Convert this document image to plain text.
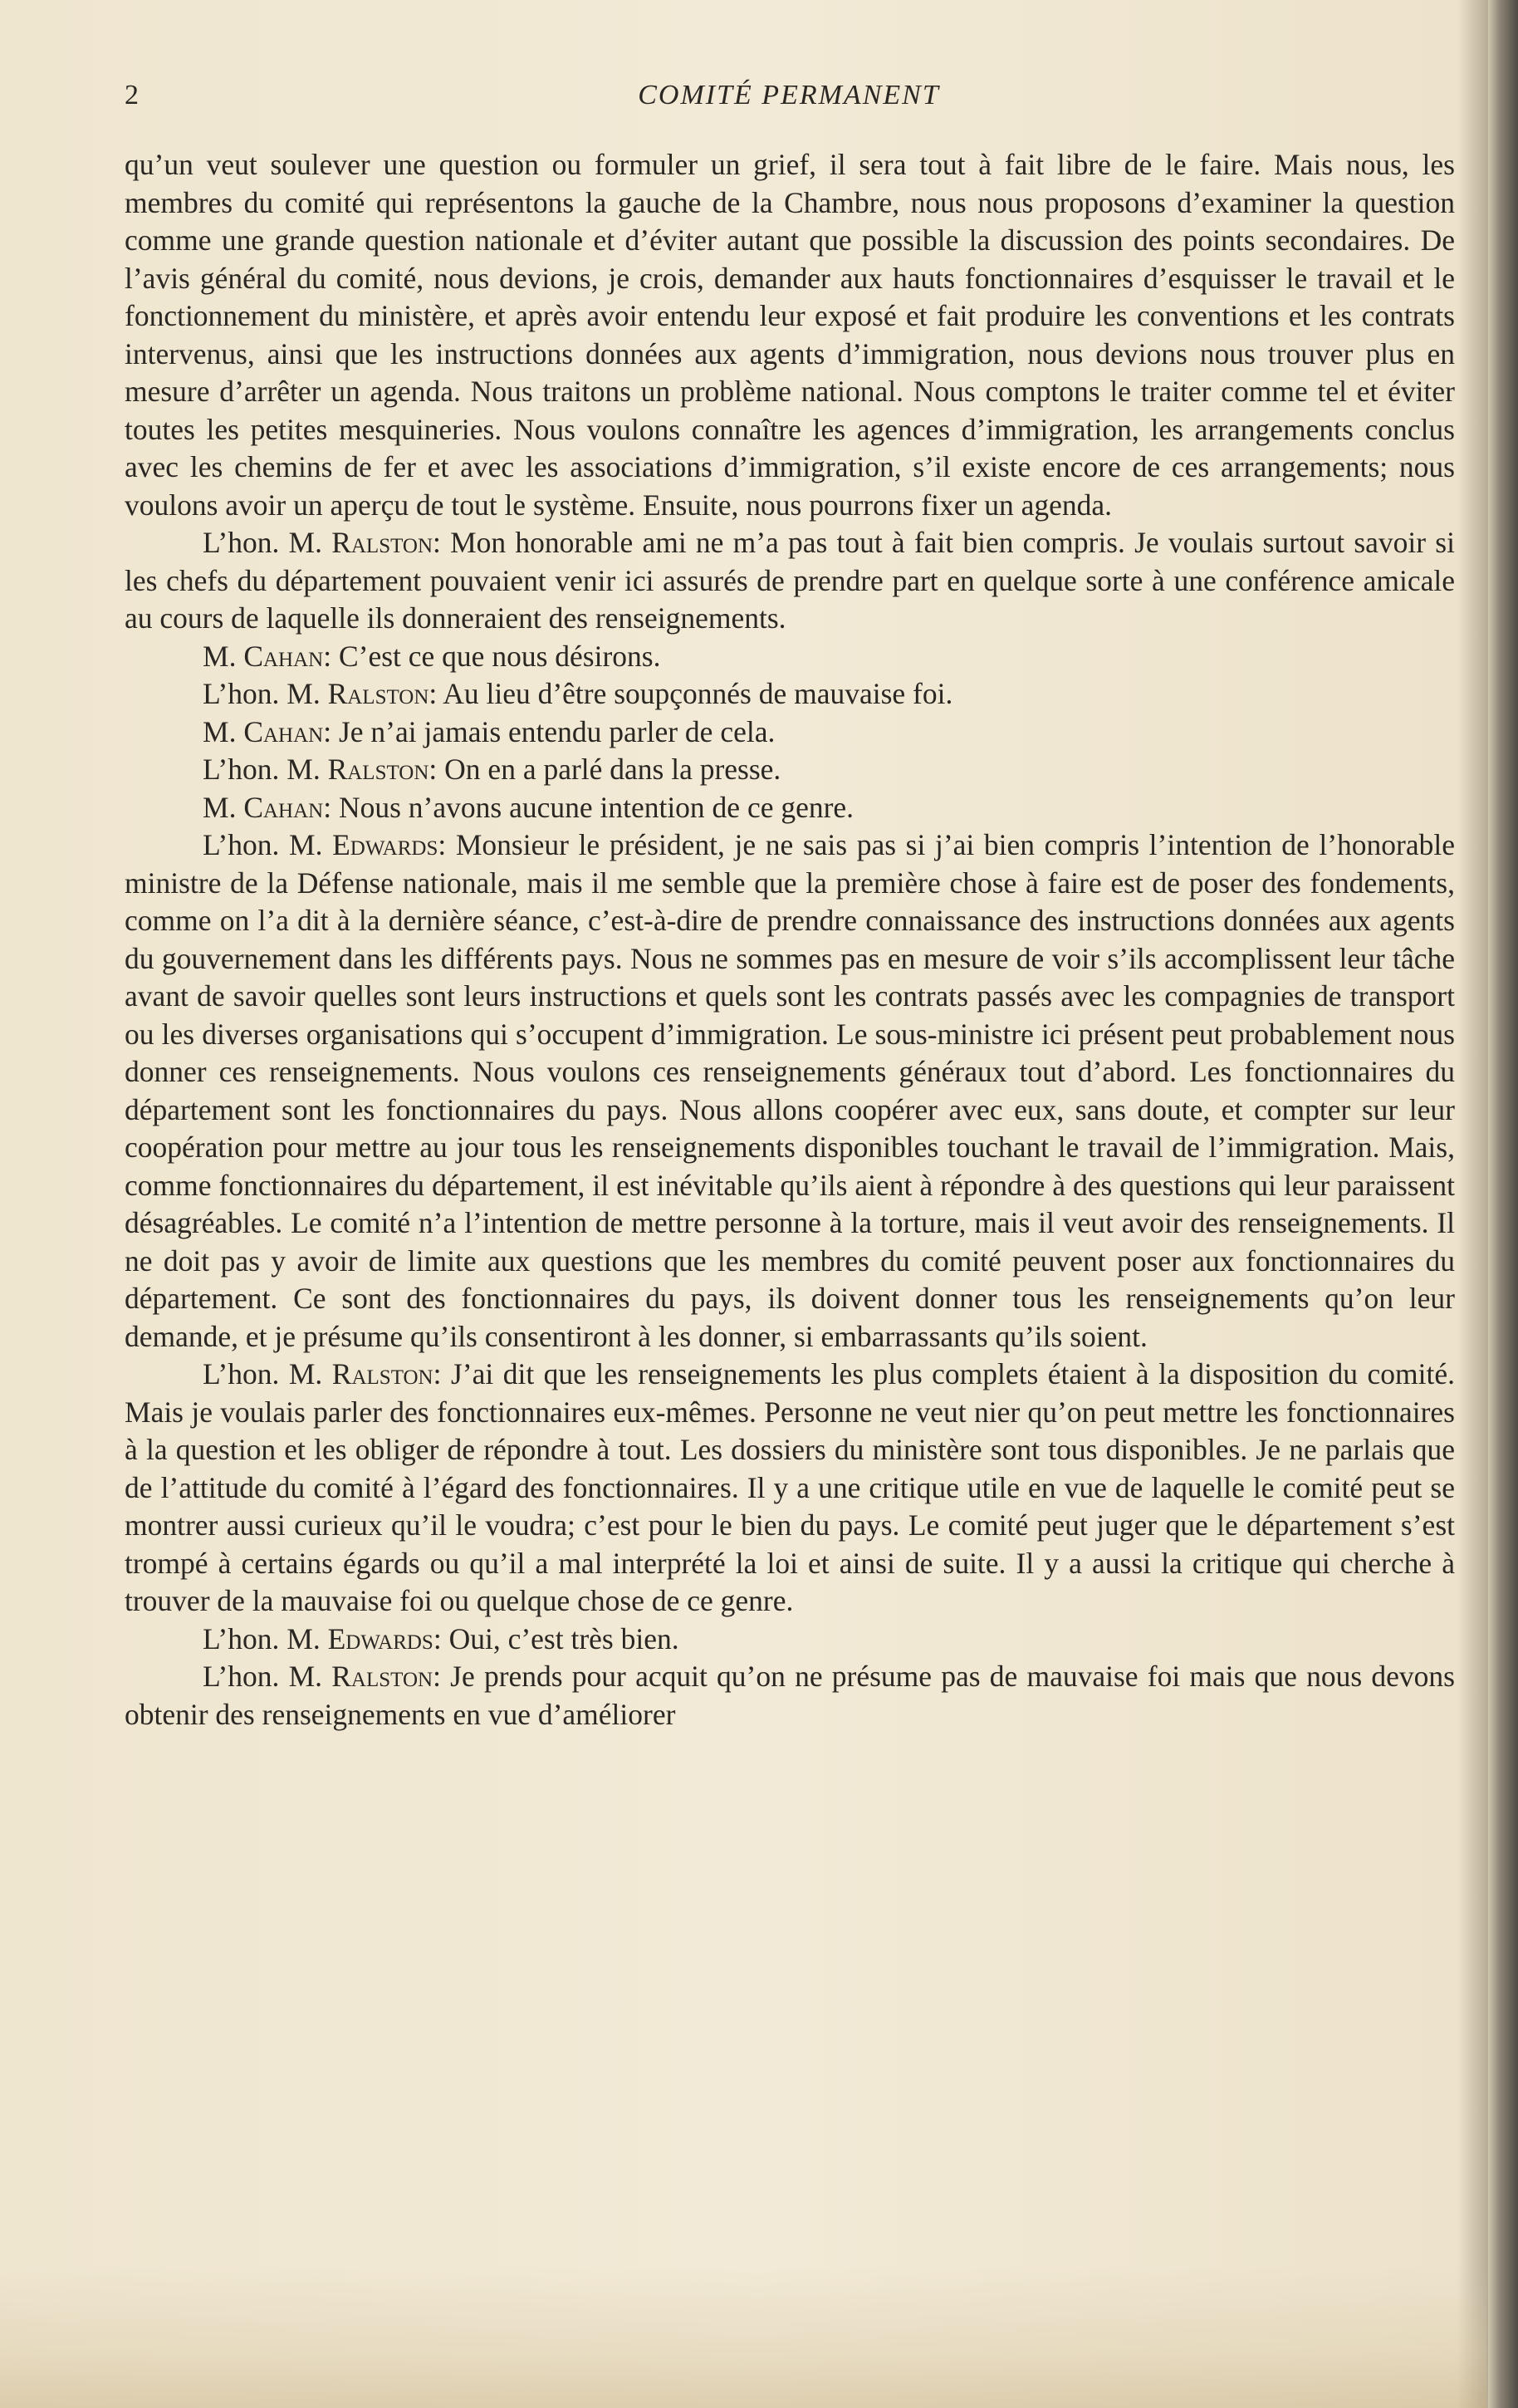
2	COMITÉ PERMANENT

qu’un veut soulever une question ou formuler un grief, il sera tout à fait libre de le faire. Mais nous, les membres du comité qui représentons la gauche de la Chambre, nous nous proposons d’examiner la question comme une grande question nationale et d’éviter autant que possible la discussion des points secondaires. De l’avis général du comité, nous devions, je crois, demander aux hauts fonctionnaires d’esquisser le travail et le fonctionnement du ministère, et après avoir entendu leur exposé et fait produire les conventions et les contrats intervenus, ainsi que les instructions données aux agents d’immigration, nous devions nous trouver plus en mesure d’arrêter un agenda. Nous traitons un problème national. Nous comptons le traiter comme tel et éviter toutes les petites mesquineries. Nous voulons connaître les agences d’immigration, les arrangements conclus avec les chemins de fer et avec les associations d’immigration, s’il existe encore de ces arrangements; nous voulons avoir un aperçu de tout le système. Ensuite, nous pourrons fixer un agenda.

L’hon. M. Ralston: Mon honorable ami ne m’a pas tout à fait bien compris. Je voulais surtout savoir si les chefs du département pouvaient venir ici assurés de prendre part en quelque sorte à une conférence amicale au cours de laquelle ils donneraient des renseignements.

M. Cahan: C’est ce que nous désirons.

L’hon. M. Ralston: Au lieu d’être soupçonnés de mauvaise foi.

M. Cahan: Je n’ai jamais entendu parler de cela.

L’hon. M. Ralston: On en a parlé dans la presse.

M. Cahan: Nous n’avons aucune intention de ce genre.

L’hon. M. Edwards: Monsieur le président, je ne sais pas si j’ai bien compris l’intention de l’honorable ministre de la Défense nationale, mais il me semble que la première chose à faire est de poser des fondements, comme on l’a dit à la dernière séance, c’est-à-dire de prendre connaissance des instructions données aux agents du gouvernement dans les différents pays. Nous ne sommes pas en mesure de voir s’ils accomplissent leur tâche avant de savoir quelles sont leurs instructions et quels sont les contrats passés avec les compagnies de transport ou les diverses organisations qui s’occupent d’immigration. Le sous-ministre ici présent peut probablement nous donner ces renseignements. Nous voulons ces renseignements généraux tout d’abord. Les fonctionnaires du département sont les fonctionnaires du pays. Nous allons coopérer avec eux, sans doute, et compter sur leur coopération pour mettre au jour tous les renseignements disponibles touchant le travail de l’immigration. Mais, comme fonctionnaires du département, il est inévitable qu’ils aient à répondre à des questions qui leur paraissent désagréables. Le comité n’a l’intention de mettre personne à la torture, mais il veut avoir des renseignements. Il ne doit pas y avoir de limite aux questions que les membres du comité peuvent poser aux fonctionnaires du département. Ce sont des fonctionnaires du pays, ils doivent donner tous les renseignements qu’on leur demande, et je présume qu’ils consentiront à les donner, si embarrassants qu’ils soient.

L’hon. M. Ralston: J’ai dit que les renseignements les plus complets étaient à la disposition du comité. Mais je voulais parler des fonctionnaires eux-mêmes. Personne ne veut nier qu’on peut mettre les fonctionnaires à la question et les obliger de répondre à tout. Les dossiers du ministère sont tous disponibles. Je ne parlais que de l’attitude du comité à l’égard des fonctionnaires. Il y a une critique utile en vue de laquelle le comité peut se montrer aussi curieux qu’il le voudra; c’est pour le bien du pays. Le comité peut juger que le département s’est trompé à certains égards ou qu’il a mal interprété la loi et ainsi de suite. Il y a aussi la critique qui cherche à trouver de la mauvaise foi ou quelque chose de ce genre.

L’hon. M. Edwards: Oui, c’est très bien.

L’hon. M. Ralston: Je prends pour acquit qu’on ne présume pas de mauvaise foi mais que nous devons obtenir des renseignements en vue d’améliorer
